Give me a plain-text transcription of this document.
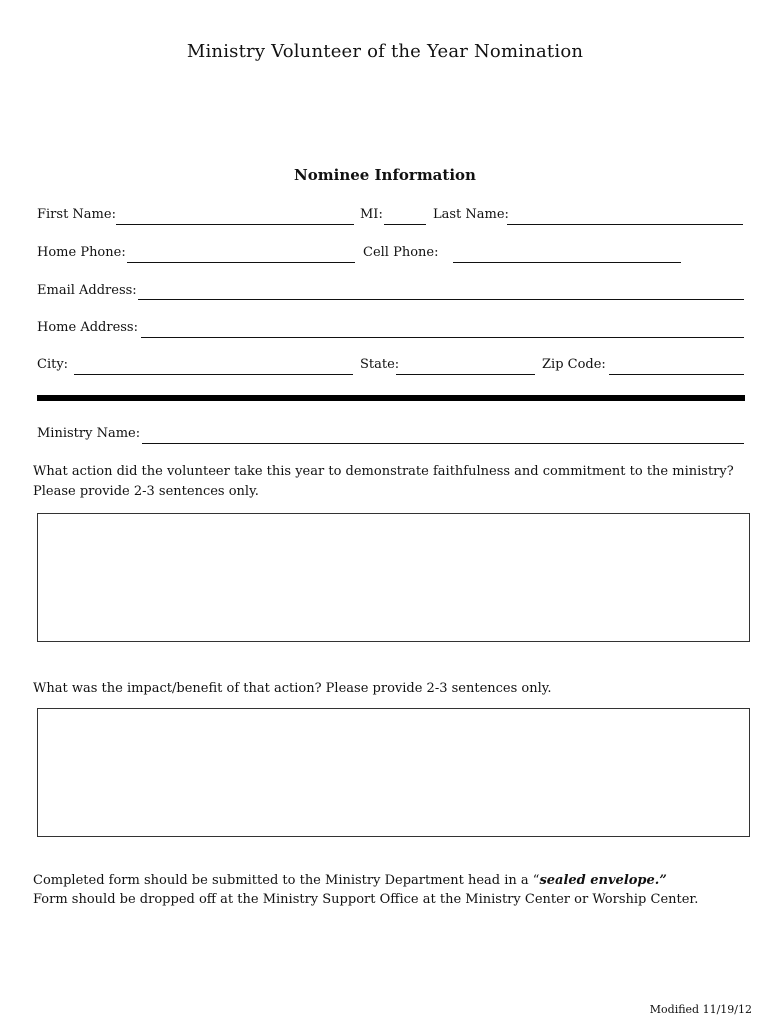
Ministry Volunteer of the Year Nomination
Nominee Information
First Name:	MI:	Last Name:
Home Phone:	Cell Phone:
Email Address:
Home Address:
City:	State:	Zip Code:
Ministry Name:
What action did the volunteer take this year to demonstrate faithfulness and commitment to the ministry?
Please provide 2-3 sentences only.
What was the impact/benefit of that action? Please provide 2-3 sentences only.
Completed form should be submitted to the Ministry Department head in a “sealed envelope.”
Form should be dropped off at the Ministry Support Office at the Ministry Center or Worship Center.
Modified 11/19/12
